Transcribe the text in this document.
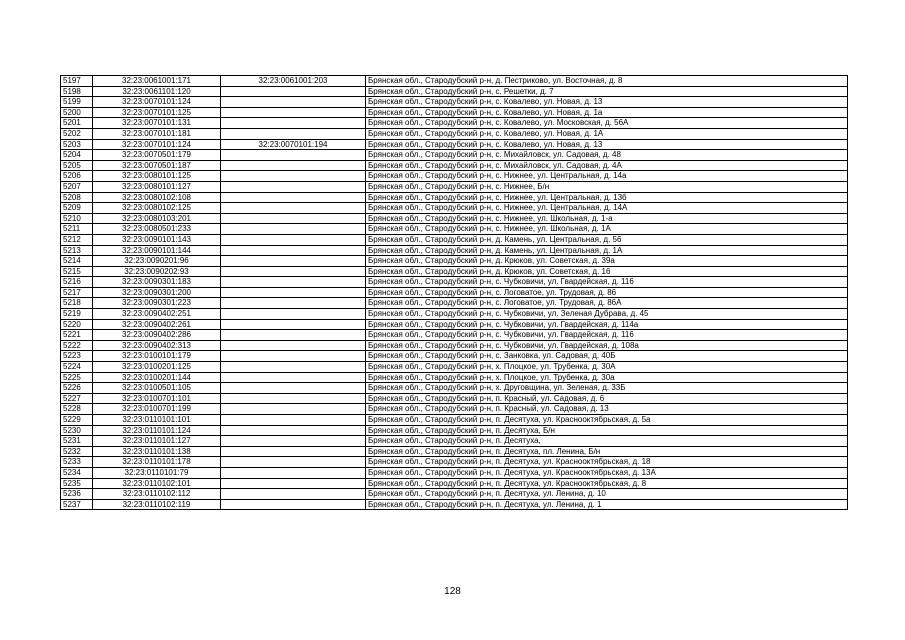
5197	32:23:0061001:171	32:23:0061001:203	Брянская обл., Стародубский р-н, д. Пестриково, ул. Восточная, д. 8
5198	32:23:0061101:120		Брянская обл., Стародубский р-н, с. Решетки, д. 7
5199	32:23:0070101:124		Брянская обл., Стародубский р-н, с. Ковалево, ул. Новая, д. 13
5200	32:23:0070101:125		Брянская обл., Стародубский р-н, с. Ковалево, ул. Новая, д. 1а
5201	32:23:0070101:131		Брянская обл., Стародубский р-н, с. Ковалево, ул. Московская, д. 56А
5202	32:23:0070101:181		Брянская обл., Стародубский р-н, с. Ковалево, ул. Новая, д. 1А
5203	32:23:0070101:124	32:23:0070101:194	Брянская обл., Стародубский р-н, с. Ковалево, ул. Новая, д. 13
5204	32:23:0070501:179		Брянская обл., Стародубский р-н, с. Михайловск, ул. Садовая, д. 48
5205	32:23:0070501:187		Брянская обл., Стародубский р-н, с. Михайловск, ул. Садовая, д. 4А
5206	32:23:0080101:125		Брянская обл., Стародубский р-н, с. Нижнее, ул. Центральная, д. 14а
5207	32:23:0080101:127		Брянская обл., Стародубский р-н, с. Нижнее, Б/н
5208	32:23:0080102:108		Брянская обл., Стародубский р-н, с. Нижнее, ул. Центральная, д. 13б
5209	32:23:0080102:125		Брянская обл., Стародубский р-н, с. Нижнее, ул. Центральная, д. 14А
5210	32:23:0080103:201		Брянская обл., Стародубский р-н, с. Нижнее, ул. Школьная, д. 1-а
5211	32:23:0080501:233		Брянская обл., Стародубский р-н, с. Нижнее, ул. Школьная, д. 1А
5212	32:23:0090101:143		Брянская обл., Стародубский р-н, д. Камень, ул. Центральная, д. 56
5213	32:23:0090101:144		Брянская обл., Стародубский р-н, д. Камень, ул. Центральная, д. 1А
5214	32:23:0090201:96		Брянская обл., Стародубский р-н, д. Крюков, ул. Советская, д. 39а
5215	32:23:0090202:93		Брянская обл., Стародубский р-н, д. Крюков, ул. Советская, д. 16
5216	32:23:0090301:183		Брянская обл., Стародубский р-н, с. Чубковичи, ул. Гвардейская, д. 116
5217	32:23:0090301:200		Брянская обл., Стародубский р-н, с. Логоватое, ул. Трудовая, д. 86
5218	32:23:0090301:223		Брянская обл., Стародубский р-н, с. Логоватое, ул. Трудовая, д. 86А
5219	32:23:0090402:251		Брянская обл., Стародубский р-н, с. Чубковичи, ул. Зеленая Дубрава, д. 45
5220	32:23:0090402:261		Брянская обл., Стародубский р-н, с. Чубковичи, ул. Гвардейская, д. 114а
5221	32:23:0090402:286		Брянская обл., Стародубский р-н, с. Чубковичи, ул. Гвардейская, д. 116
5222	32:23:0090402:313		Брянская обл., Стародубский р-н, с. Чубковичи, ул. Гвардейская, д. 108а
5223	32:23:0100101:179		Брянская обл., Стародубский р-н, с. Занковка, ул. Садовая, д. 40Б
5224	32:23:0100201:125		Брянская обл., Стародубский р-н, х. Плоцкое, ул. Трубенка, д. 30А
5225	32:23:0100201:144		Брянская обл., Стародубский р-н, х. Плоцкое, ул. Трубенка, д. 30а
5226	32:23:0100501:105		Брянская обл., Стародубский р-н, х. Друговщина, ул. Зеленая, д. 33Б
5227	32:23:0100701:101		Брянская обл., Стародубский р-н, п. Красный, ул. Садовая, д. 6
5228	32:23:0100701:199		Брянская обл., Стародубский р-н, п. Красный, ул. Садовая, д. 13
5229	32:23:0110101:101		Брянская обл., Стародубский р-н, п. Десятуха, ул. Краснооктябрьская, д. 5а
5230	32:23:0110101:124		Брянская обл., Стародубский р-н, п. Десятуха, Б/н
5231	32:23:0110101:127		Брянская обл., Стародубский р-н, п. Десятуха,
5232	32:23:0110101:138		Брянская обл., Стародубский р-н, п. Десятуха, пл. Ленина, Б/н
5233	32:23:0110101:178		Брянская обл., Стародубский р-н, п. Десятуха, ул. Краснооктябрьская, д. 18
5234	32:23:0110101:79		Брянская обл., Стародубский р-н, п. Десятуха, ул. Краснооктябрьская, д. 13А
5235	32:23:0110102:101		Брянская обл., Стародубский р-н, п. Десятуха, ул. Краснооктябрьская, д. 8
5236	32:23:0110102:112		Брянская обл., Стародубский р-н, п. Десятуха, ул. Ленина, д. 10
5237	32:23:0110102:119		Брянская обл., Стародубский р-н, п. Десятуха, ул. Ленина, д. 1
128
